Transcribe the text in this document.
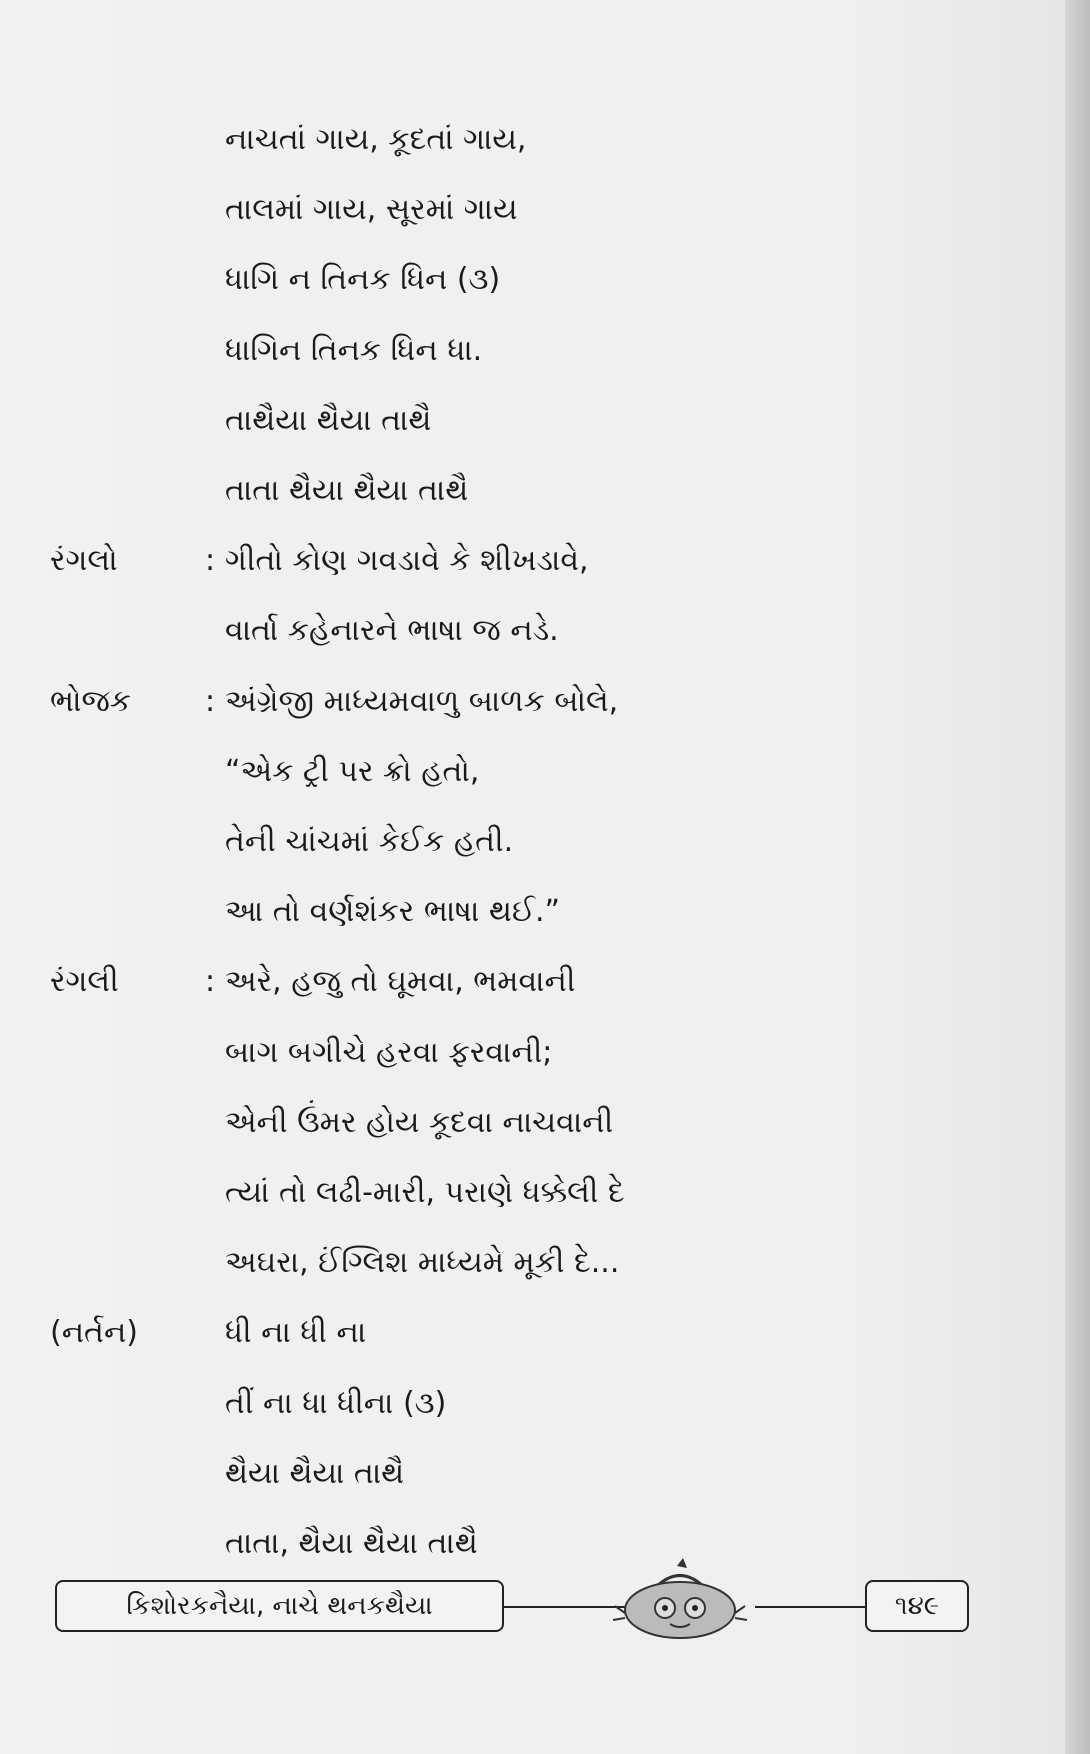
નાચતાં ગાય, કૂદતાં ગાય,
તાલમાં ગાય, સૂરમાં ગાય
ધાગિ ન તિનક ધિન (૩)
ધાગિન તિનક ધિન ધા.
તાથૈયા થૈયા તાથૈ
તાતા થૈયા થૈયા તાથૈ
રંગલો	: ગીતો કોણ ગવડાવે કે શીખડાવે,
વાર્તા કહેનારને ભાષા જ નડે.
ભોજક : અંગ્રેજી માધ્યમવાળુ બાળક બોલે,
“એક ટ્રી પર ક્રો હતો,
તેની ચાંચમાં કેઈક હતી.
આ તો વર્ણશંકર ભાષા થઈ.”
રંગલી	: અરે, હજુ તો ઘૂમવા, ભમવાની
બાગ બગીચે હરવા ફરવાની;
એની ઉંમર હોય કૂદવા નાચવાની
ત્યાં તો લઢી-મારી, પરાણે ધક્કેલી દે
અઘરા, ઈંગ્લિશ માધ્યમે મૂકી દે...
(નર્તન)	ધી ના ધી ના
તીં ના ધા ધીના (૩)
થૈયા થૈયા તાથૈ
તાતા, થૈયા થૈયા તાથૈ
કિશોરકનૈયા, નાચે થનકથૈયા	૧૪૯
